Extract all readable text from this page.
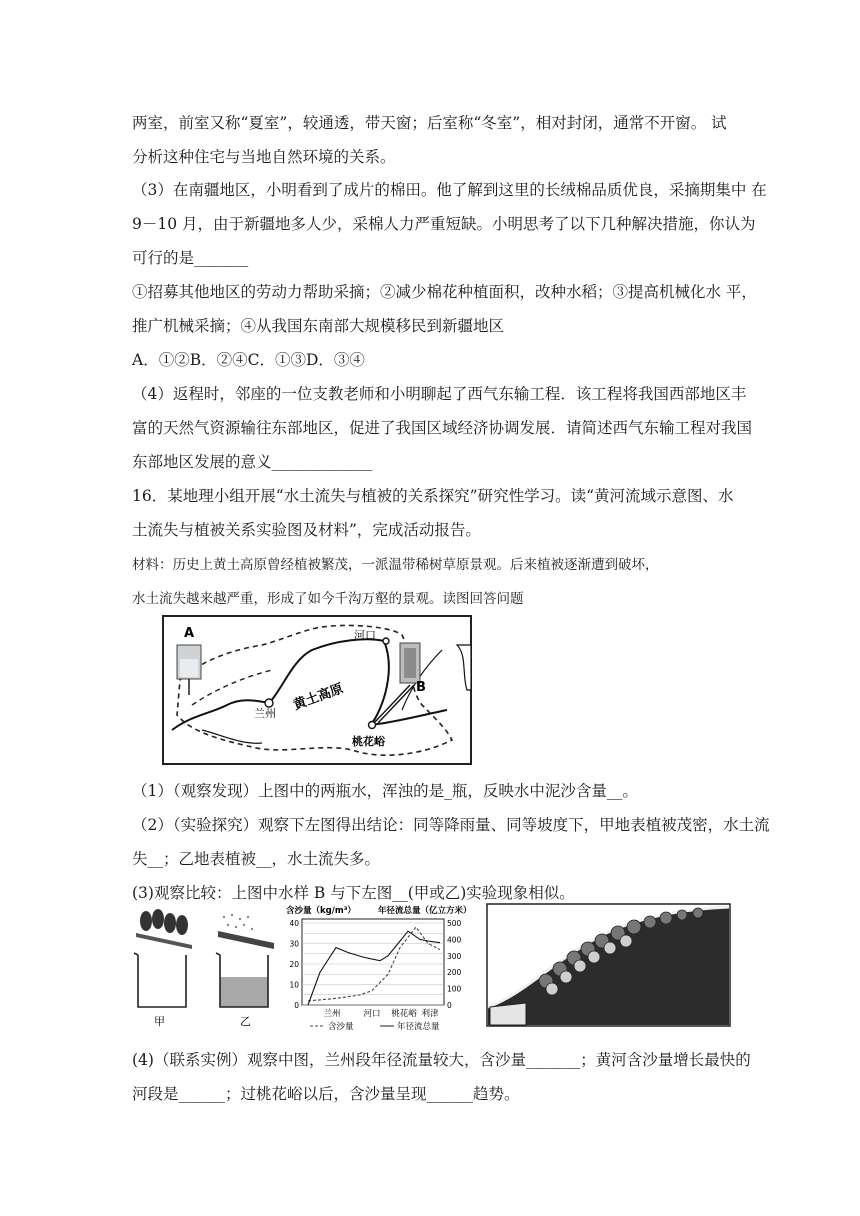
两室，前室又称“夏室”，较通透，带天窗；后室称“冬室”，相对封闭，通常不开窗。 试
分析这种住宅与当地自然环境的关系。
（3）在南疆地区，小明看到了成片的棉田。他了解到这里的长绒棉品质优良，采摘期集中 在
9－10 月，由于新疆地多人少，采棉人力严重短缺。小明思考了以下几种解决措施，你认为
可行的是_______
①招募其他地区的劳动力帮助采摘；②减少棉花种植面积，改种水稻；③提高机械化水 平，
推广机械采摘；④从我国东南部大规模移民到新疆地区
A．①②B．②④C．①③D．③④
（4）返程时，邻座的一位支教老师和小明聊起了西气东输工程．该工程将我国西部地区丰
富的天然气资源输往东部地区，促进了我国区域经济协调发展．请简述西气东输工程对我国
东部地区发展的意义_____________
16．某地理小组开展“水土流失与植被的关系探究”研究性学习。读“黄河流域示意图、水
土流失与植被关系实验图及材料”，完成活动报告。
材料：历史上黄土高原曾经植被繁茂，一派温带稀树草原景观。后来植被逐渐遭到破坏，
水土流失越来越严重，形成了如今千沟万壑的景观。读图回答问题
A
B
河口
黄土高原
兰州
桃花峪
（1）（观察发现）上图中的两瓶水，浑浊的是_瓶，反映水中泥沙含量__。
（2）（实验探究）观察下左图得出结论：同等降雨量、同等坡度下，甲地表植被茂密，水土流
失__；乙地表植被__，水土流失多。
(3)观察比较：上图中水样 B 与下左图__(甲或乙)实验现象相似。
甲	乙
含沙量（kg/m³）	年径流总量（亿立方米）
0
10
20
30
40
0
100
200
300
400
500
兰州	河口 桃花峪 利津
含沙量	年径流总量
(4)（联系实例）观察中图，兰州段年径流量较大，含沙量_______；黄河含沙量增长最快的
河段是______；过桃花峪以后，含沙量呈现______趋势。
